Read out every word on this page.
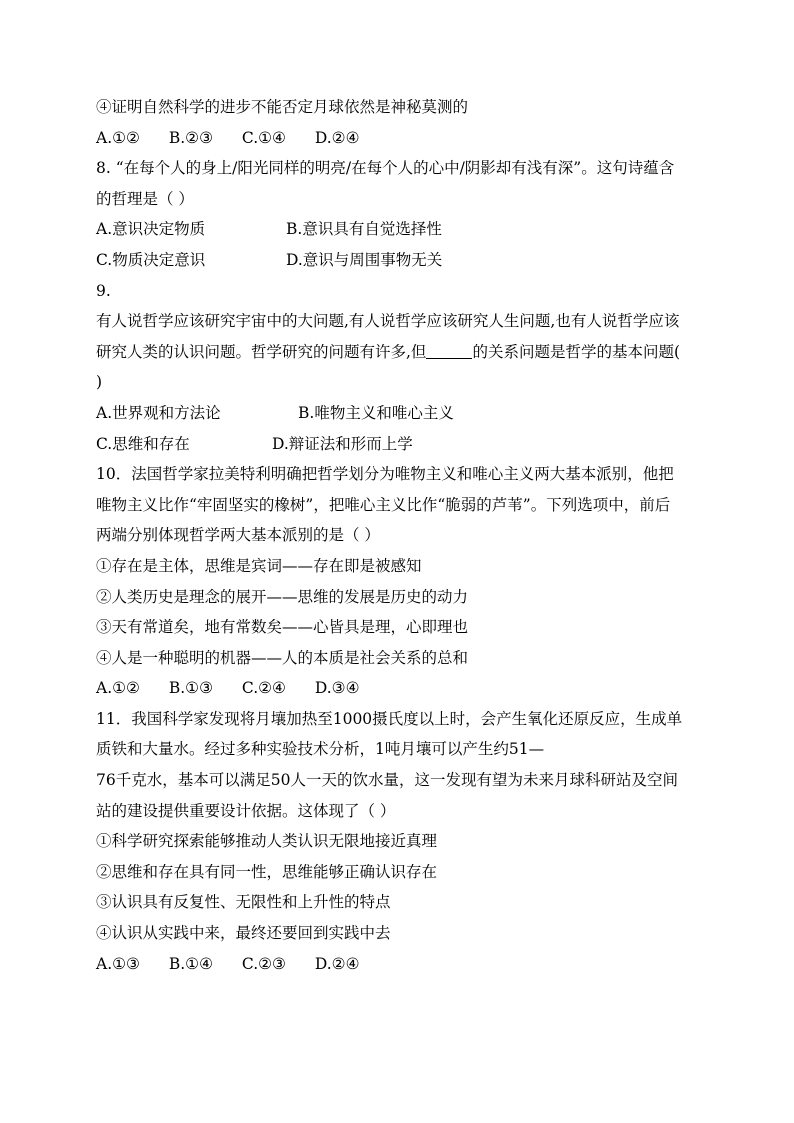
④证明自然科学的进步不能否定月球依然是神秘莫测的
A.①② B.②③ C.①④ D.②④
8. “在每个人的身上/阳光同样的明亮/在每个人的心中/阴影却有浅有深”。这句诗蕴含
的哲理是（ ）
A.意识决定物质	B.意识具有自觉选择性
C.物质决定意识	D.意识与周围事物无关
9.
有人说哲学应该研究宇宙中的大问题,有人说哲学应该研究人生问题,也有人说哲学应该
研究人类的认识问题。哲学研究的问题有许多,但	的关系问题是哲学的基本问题(
)
A.世界观和方法论	B.唯物主义和唯心主义
C.思维和存在	D.辩证法和形而上学
10．法国哲学家拉美特利明确把哲学划分为唯物主义和唯心主义两大基本派别，他把
唯物主义比作“牢固坚实的橡树”，把唯心主义比作“脆弱的芦苇”。下列选项中，前后
两端分别体现哲学两大基本派别的是（ ）
①存在是主体，思维是宾词——存在即是被感知
②人类历史是理念的展开——思维的发展是历史的动力
③天有常道矣，地有常数矣——心皆具是理，心即理也
④人是一种聪明的机器——人的本质是社会关系的总和
A.①② B.①③ C.②④ D.③④
11．我国科学家发现将月壤加热至1000摄氏度以上时，会产生氧化还原反应，生成单
质铁和大量水。经过多种实验技术分析，1吨月壤可以产生约51—
76千克水，基本可以满足50人一天的饮水量，这一发现有望为未来月球科研站及空间
站的建设提供重要设计依据。这体现了（ ）
①科学研究探索能够推动人类认识无限地接近真理
②思维和存在具有同一性，思维能够正确认识存在
③认识具有反复性、无限性和上升性的特点
④认识从实践中来，最终还要回到实践中去
A.①③ B.①④ C.②③ D.②④
